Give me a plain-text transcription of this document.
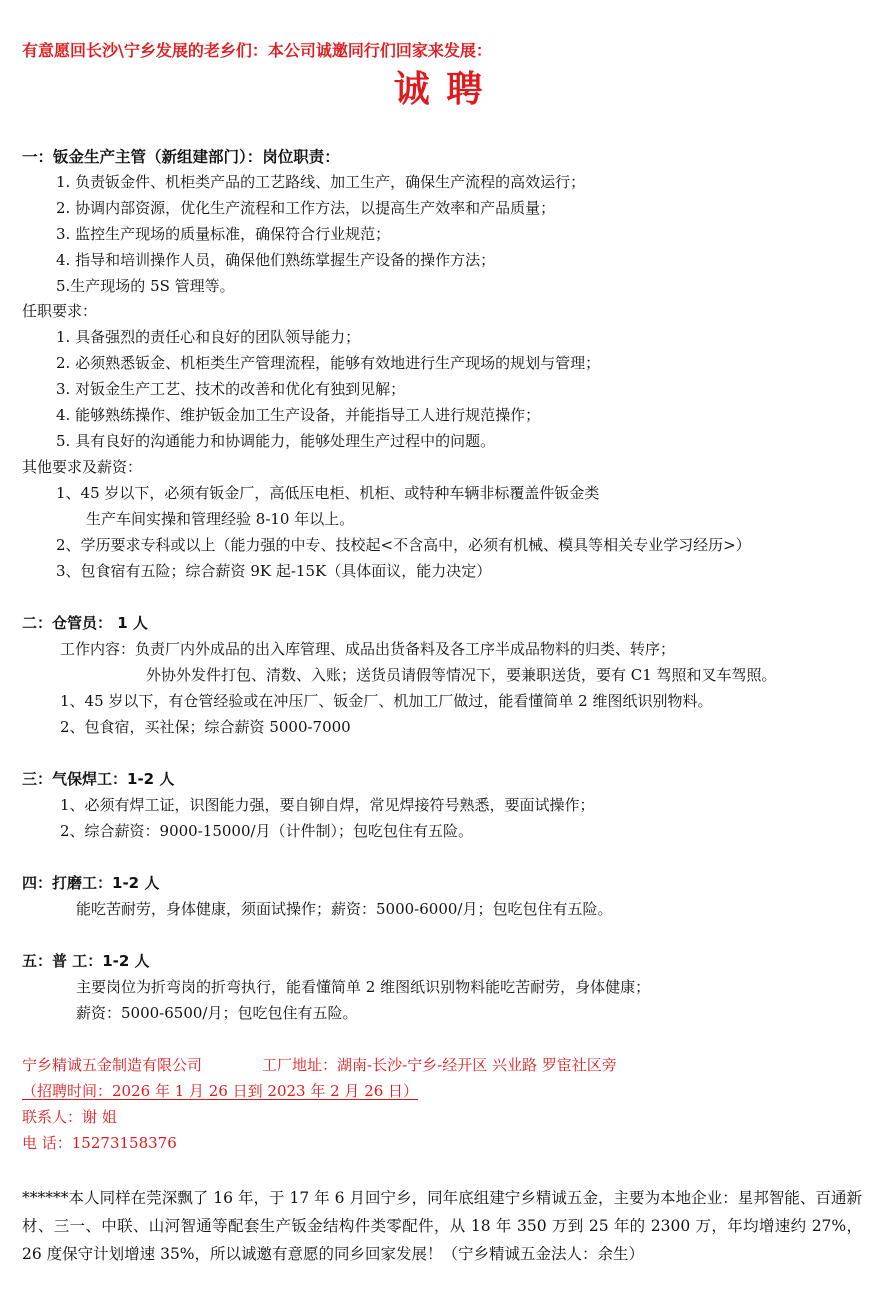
有意愿回长沙\宁乡发展的老乡们：本公司诚邀同行们回家来发展：
诚 聘
一：钣金生产主管（新组建部门）：岗位职责：
1. 负责钣金件、机柜类产品的工艺路线、加工生产，确保生产流程的高效运行；
2. 协调内部资源，优化生产流程和工作方法，以提高生产效率和产品质量；
3. 监控生产现场的质量标准，确保符合行业规范；
4. 指导和培训操作人员，确保他们熟练掌握生产设备的操作方法；
5.生产现场的 5S 管理等。
任职要求：
1. 具备强烈的责任心和良好的团队领导能力；
2. 必须熟悉钣金、机柜类生产管理流程，能够有效地进行生产现场的规划与管理；
3. 对钣金生产工艺、技术的改善和优化有独到见解；
4. 能够熟练操作、维护钣金加工生产设备，并能指导工人进行规范操作；
5. 具有良好的沟通能力和协调能力，能够处理生产过程中的问题。
其他要求及薪资：
1、45 岁以下，必须有钣金厂，高低压电柜、机柜、或特种车辆非标覆盖件钣金类
生产车间实操和管理经验 8-10 年以上。
2、学历要求专科或以上（能力强的中专、技校起<不含高中，必须有机械、模具等相关专业学习经历>）
3、包食宿有五险；综合薪资 9K 起-15K（具体面议，能力决定）
二：仓管员： 1 人
工作内容：负责厂内外成品的出入库管理、成品出货备料及各工序半成品物料的归类、转序；
外协外发件打包、清数、入账；送货员请假等情况下，要兼职送货，要有 C1 驾照和叉车驾照。
1、45 岁以下，有仓管经验或在冲压厂、钣金厂、机加工厂做过，能看懂简单 2 维图纸识别物料。
2、包食宿，买社保；综合薪资 5000-7000
三：气保焊工：1-2 人
1、必须有焊工证，识图能力强，要自铆自焊，常见焊接符号熟悉，要面试操作；
2、综合薪资：9000-15000/月（计件制）；包吃包住有五险。
四：打磨工：1-2 人
能吃苦耐劳，身体健康，须面试操作；薪资：5000-6000/月；包吃包住有五险。
五：普 工：1-2 人
主要岗位为折弯岗的折弯执行，能看懂简单 2 维图纸识别物料能吃苦耐劳，身体健康；
薪资：5000-6500/月；包吃包住有五险。
宁乡精诚五金制造有限公司	工厂地址：湖南-长沙-宁乡-经开区 兴业路 罗宦社区旁
（招聘时间：2026 年 1 月 26 日到 2023 年 2 月 26 日）
联系人：谢 姐
电 话：15273158376
******本人同样在莞深飘了 16 年，于 17 年 6 月回宁乡，同年底组建宁乡精诚五金，主要为本地企业：星邦智能、百通新材、三一、中联、山河智通等配套生产钣金结构件类零配件，从 18 年 350 万到 25 年的 2300 万，年均增速约 27%，26 度保守计划增速 35%，所以诚邀有意愿的同乡回家发展！（宁乡精诚五金法人：余生）
